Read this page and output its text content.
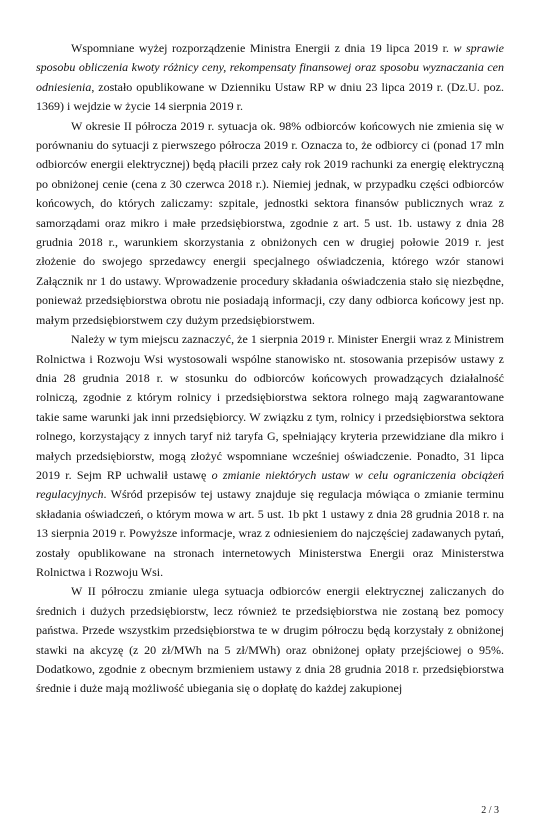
Wspomniane wyżej rozporządzenie Ministra Energii z dnia 19 lipca 2019 r. w sprawie sposobu obliczenia kwoty różnicy ceny, rekompensaty finansowej oraz sposobu wyznaczania cen odniesienia, zostało opublikowane w Dzienniku Ustaw RP w dniu 23 lipca 2019 r. (Dz.U. poz. 1369) i wejdzie w życie 14 sierpnia 2019 r.

W okresie II półrocza 2019 r. sytuacja ok. 98% odbiorców końcowych nie zmienia się w porównaniu do sytuacji z pierwszego półrocza 2019 r. Oznacza to, że odbiorcy ci (ponad 17 mln odbiorców energii elektrycznej) będą płacili przez cały rok 2019 rachunki za energię elektryczną po obniżonej cenie (cena z 30 czerwca 2018 r.). Niemiej jednak, w przypadku części odbiorców końcowych, do których zaliczamy: szpitale, jednostki sektora finansów publicznych wraz z samorządami oraz mikro i małe przedsiębiorstwa, zgodnie z art. 5 ust. 1b. ustawy z dnia 28 grudnia 2018 r., warunkiem skorzystania z obniżonych cen w drugiej połowie 2019 r. jest złożenie do swojego sprzedawcy energii specjalnego oświadczenia, którego wzór stanowi Załącznik nr 1 do ustawy. Wprowadzenie procedury składania oświadczenia stało się niezbędne, ponieważ przedsiębiorstwa obrotu nie posiadają informacji, czy dany odbiorca końcowy jest np. małym przedsiębiorstwem czy dużym przedsiębiorstwem.

Należy w tym miejscu zaznaczyć, że 1 sierpnia 2019 r. Minister Energii wraz z Ministrem Rolnictwa i Rozwoju Wsi wystosowali wspólne stanowisko nt. stosowania przepisów ustawy z dnia 28 grudnia 2018 r. w stosunku do odbiorców końcowych prowadzących działalność rolniczą, zgodnie z którym rolnicy i przedsiębiorstwa sektora rolnego mają zagwarantowane takie same warunki jak inni przedsiębiorcy. W związku z tym, rolnicy i przedsiębiorstwa sektora rolnego, korzystający z innych taryf niż taryfa G, spełniający kryteria przewidziane dla mikro i małych przedsiębiorstw, mogą złożyć wspomniane wcześniej oświadczenie. Ponadto, 31 lipca 2019 r. Sejm RP uchwalił ustawę o zmianie niektórych ustaw w celu ograniczenia obciążeń regulacyjnych. Wśród przepisów tej ustawy znajduje się regulacja mówiąca o zmianie terminu składania oświadczeń, o którym mowa w art. 5 ust. 1b pkt 1 ustawy z dnia 28 grudnia 2018 r. na 13 sierpnia 2019 r. Powyższe informacje, wraz z odniesieniem do najczęściej zadawanych pytań, zostały opublikowane na stronach internetowych Ministerstwa Energii oraz Ministerstwa Rolnictwa i Rozwoju Wsi.

W II półroczu zmianie ulega sytuacja odbiorców energii elektrycznej zaliczanych do średnich i dużych przedsiębiorstw, lecz również te przedsiębiorstwa nie zostaną bez pomocy państwa. Przede wszystkim przedsiębiorstwa te w drugim półroczu będą korzystały z obniżonej stawki na akcyzę (z 20 zł/MWh na 5 zł/MWh) oraz obniżonej opłaty przejściowej o 95%. Dodatkowo, zgodnie z obecnym brzmieniem ustawy z dnia 28 grudnia 2018 r. przedsiębiorstwa średnie i duże mają możliwość ubiegania się o dopłatę do każdej zakupionej

2 / 3
